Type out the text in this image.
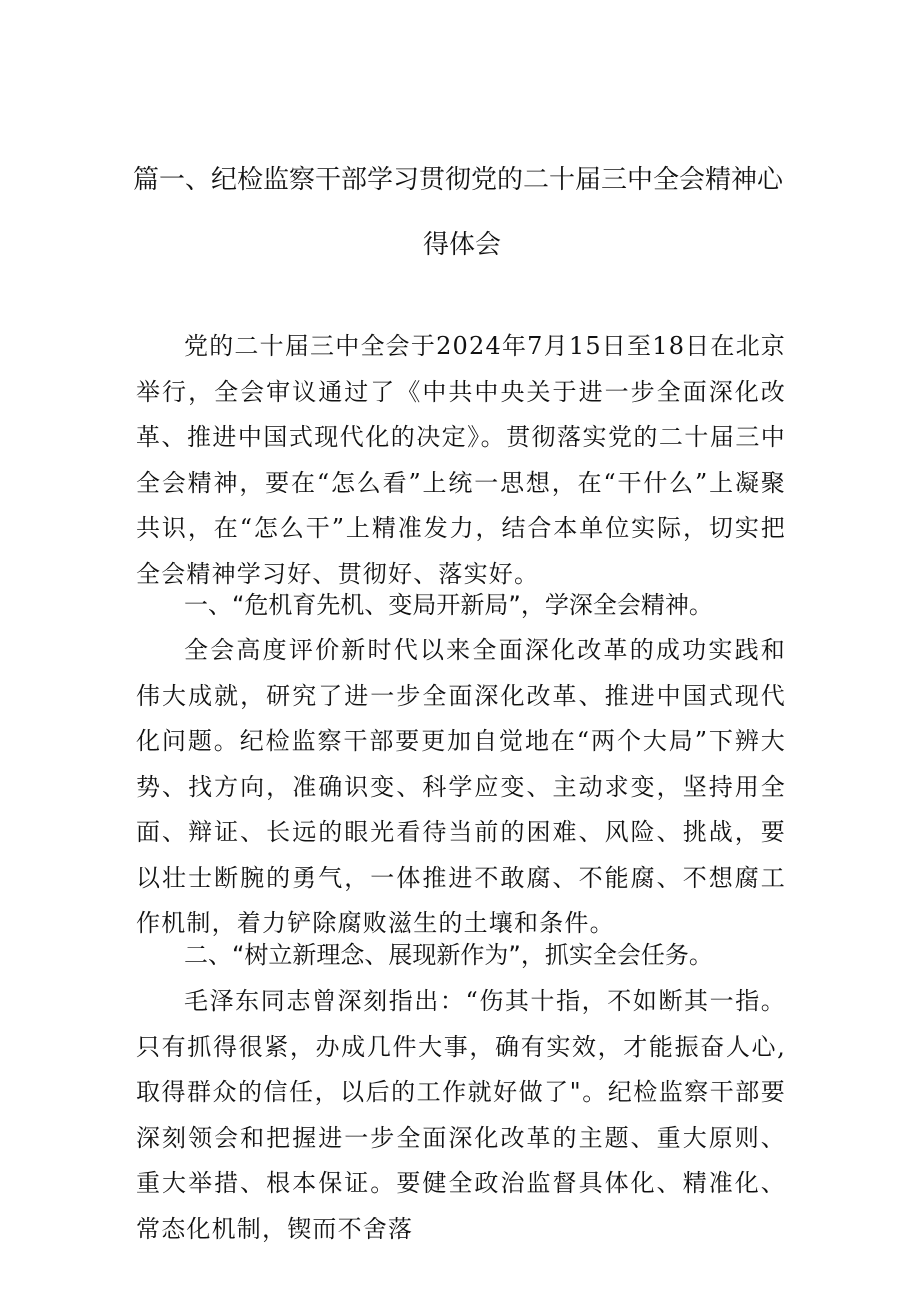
篇一、纪检监察干部学习贯彻党的二十届三中全会精神心
得体会
党的二十届三中全会于2024年7月15日至18日在北京举行，全会审议通过了《中共中央关于进一步全面深化改革、推进中国式现代化的决定》。贯彻落实党的二十届三中全会精神，要在“怎么看”上统一思想，在“干什么”上凝聚共识，在“怎么干”上精准发力，结合本单位实际，切实把全会精神学习好、贯彻好、落实好。
一、“危机育先机、变局开新局”，学深全会精神。
全会高度评价新时代以来全面深化改革的成功实践和伟大成就，研究了进一步全面深化改革、推进中国式现代化问题。纪检监察干部要更加自觉地在“两个大局”下辨大势、找方向，准确识变、科学应变、主动求变，坚持用全面、辩证、长远的眼光看待当前的困难、风险、挑战，要以壮士断腕的勇气，一体推进不敢腐、不能腐、不想腐工作机制，着力铲除腐败滋生的土壤和条件。
二、“树立新理念、展现新作为”，抓实全会任务。
毛泽东同志曾深刻指出：“伤其十指，不如断其一指。只有抓得很紧，办成几件大事，确有实效，才能振奋人心,取得群众的信任，以后的工作就好做了"。纪检监察干部要深刻领会和把握进一步全面深化改革的主题、重大原则、重大举措、根本保证。要健全政治监督具体化、精准化、常态化机制，锲而不舍落
